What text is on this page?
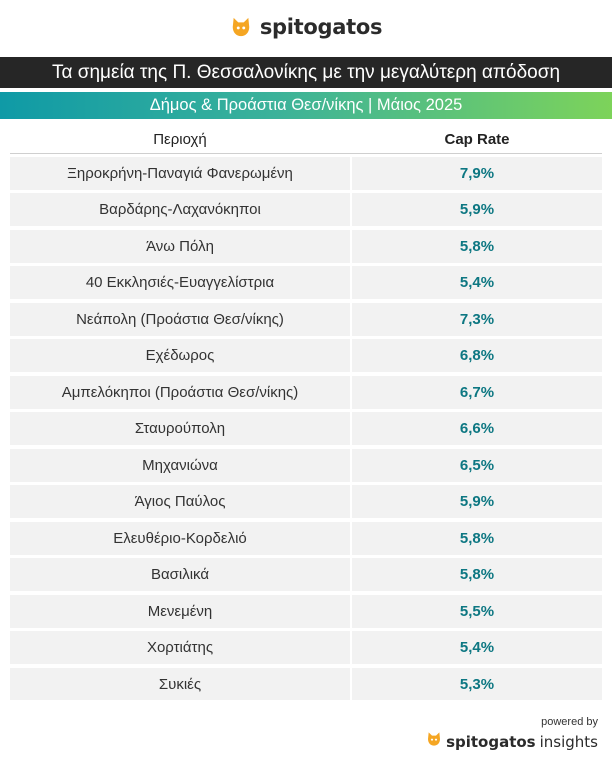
spitogatos
Τα σημεία της Π. Θεσσαλονίκης με την μεγαλύτερη απόδοση
Δήμος & Προάστια Θεσ/νίκης | Μάιος 2025
Περιοχή	Cap Rate
Ξηροκρήνη-Παναγιά Φανερωμένη	7,9%
Βαρδάρης-Λαχανόκηποι	5,9%
Άνω Πόλη	5,8%
40 Εκκλησιές-Ευαγγελίστρια	5,4%
Νεάπολη (Προάστια Θεσ/νίκης)	7,3%
Εχέδωρος	6,8%
Αμπελόκηποι (Προάστια Θεσ/νίκης)	6,7%
Σταυρούπολη	6,6%
Μηχανιώνα	6,5%
Άγιος Παύλος	5,9%
Ελευθέριο-Κορδελιό	5,8%
Βασιλικά	5,8%
Μενεμένη	5,5%
Χορτιάτης	5,4%
Συκιές	5,3%
powered by
spitogatos insights
